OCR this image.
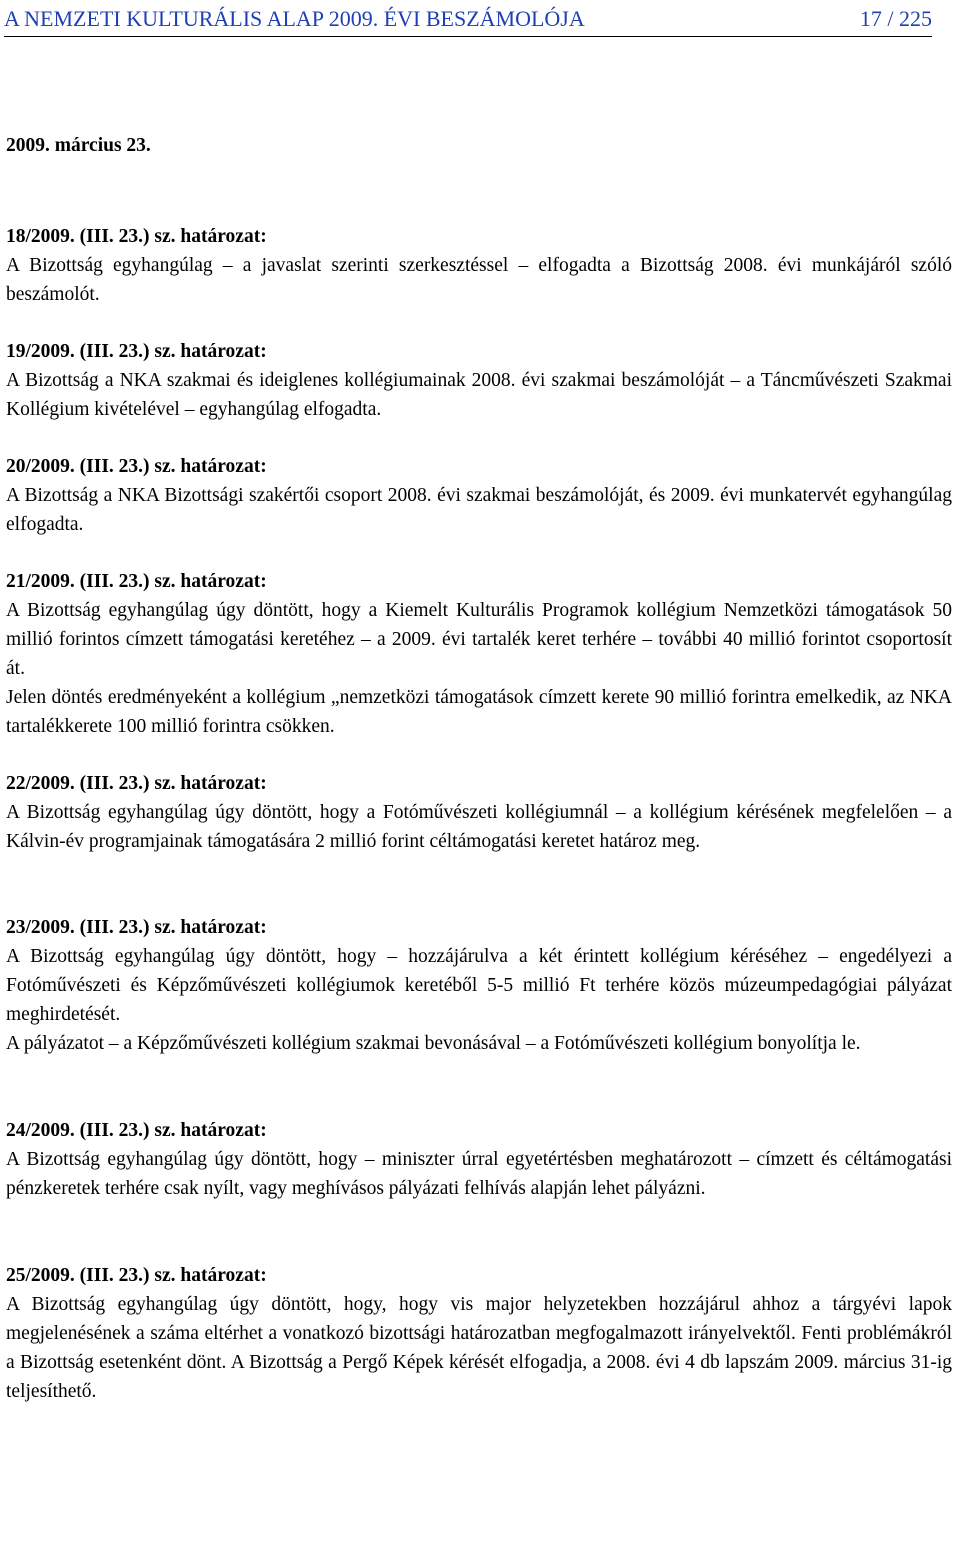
A NEMZETI KULTURÁLIS ALAP 2009. ÉVI BESZÁMOLÓJA	17 / 225
2009. március 23.
18/2009. (III. 23.) sz. határozat:

A Bizottság egyhangúlag – a javaslat szerinti szerkesztéssel – elfogadta a Bizottság 2008. évi munkájáról szóló beszámolót.

19/2009. (III. 23.) sz. határozat:

A Bizottság a NKA szakmai és ideiglenes kollégiumainak 2008. évi szakmai beszámolóját – a Táncművészeti Szakmai Kollégium kivételével – egyhangúlag elfogadta.

20/2009. (III. 23.) sz. határozat:

A Bizottság a NKA Bizottsági szakértői csoport 2008. évi szakmai beszámolóját, és 2009. évi munkatervét egyhangúlag elfogadta.

21/2009. (III. 23.) sz. határozat:

A Bizottság egyhangúlag úgy döntött, hogy a Kiemelt Kulturális Programok kollégium Nemzetközi támogatások 50 millió forintos címzett támogatási keretéhez – a 2009. évi tartalék keret terhére – további 40 millió forintot csoportosít át.

Jelen döntés eredményeként a kollégium „nemzetközi támogatások címzett kerete 90 millió forintra emelkedik, az NKA tartalékkerete 100 millió forintra csökken.

22/2009. (III. 23.) sz. határozat:

A Bizottság egyhangúlag úgy döntött, hogy a Fotóművészeti kollégiumnál – a kollégium kérésének megfelelően – a Kálvin-év programjainak támogatására 2 millió forint céltámogatási keretet határoz meg.

23/2009. (III. 23.) sz. határozat:

A Bizottság egyhangúlag úgy döntött, hogy – hozzájárulva a két érintett kollégium kéréséhez – engedélyezi a Fotóművészeti és Képzőművészeti kollégiumok keretéből 5-5 millió Ft terhére közös múzeumpedagógiai pályázat meghirdetését.

A pályázatot – a Képzőművészeti kollégium szakmai bevonásával – a Fotóművészeti kollégium bonyolítja le.

24/2009. (III. 23.) sz. határozat:

A Bizottság egyhangúlag úgy döntött, hogy – miniszter úrral egyetértésben meghatározott – címzett és céltámogatási pénzkeretek terhére csak nyílt, vagy meghívásos pályázati felhívás alapján lehet pályázni.

25/2009. (III. 23.) sz. határozat:

A Bizottság egyhangúlag úgy döntött, hogy, hogy vis major helyzetekben hozzájárul ahhoz a tárgyévi lapok megjelenésének a száma eltérhet a vonatkozó bizottsági határozatban megfogalmazott irányelvektől. Fenti problémákról a Bizottság esetenként dönt. A Bizottság a Pergő Képek kérését elfogadja, a 2008. évi 4 db lapszám 2009. március 31-ig teljesíthető.
